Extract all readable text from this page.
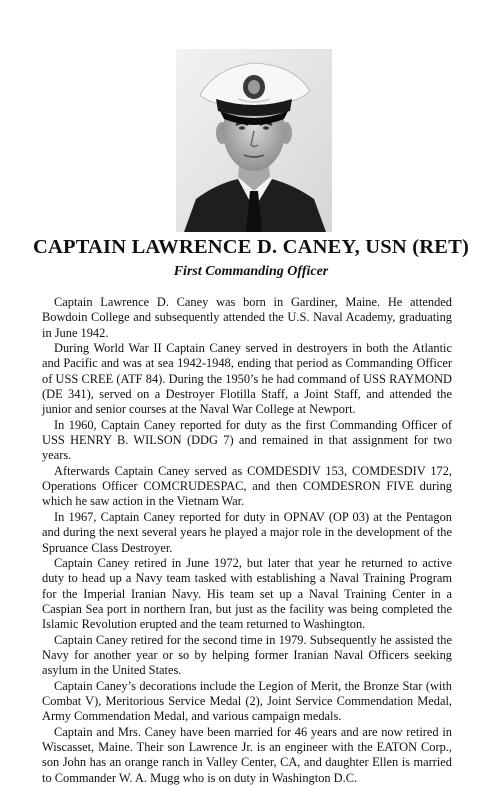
CAPTAIN LAWRENCE D. CANEY, USN (RET)
First Commanding Officer

Captain Lawrence D. Caney was born in Gardiner, Maine. He attended Bowdoin College and subsequently attended the U.S. Naval Academy, graduating in June 1942.

During World War II Captain Caney served in destroyers in both the Atlantic and Pacific and was at sea 1942-1948, ending that period as Commanding Officer of USS CREE (ATF 84). During the 1950’s he had command of USS RAYMOND (DE 341), served on a Destroyer Flotilla Staff, a Joint Staff, and attended the junior and senior courses at the Naval War College at Newport.

In 1960, Captain Caney reported for duty as the first Commanding Officer of USS HENRY B. WILSON (DDG 7) and remained in that assignment for two years.

Afterwards Captain Caney served as COMDESDIV 153, COMDESDIV 172, Operations Officer COMCRUDESPAC, and then COMDESRON FIVE during which he saw action in the Vietnam War.

In 1967, Captain Caney reported for duty in OPNAV (OP 03) at the Pentagon and during the next several years he played a major role in the development of the Spruance Class Destroyer.

Captain Caney retired in June 1972, but later that year he returned to active duty to head up a Navy team tasked with establishing a Naval Training Program for the Imperial Iranian Navy. His team set up a Naval Training Center in a Caspian Sea port in northern Iran, but just as the facility was being completed the Islamic Revolution erupted and the team returned to Washington.

Captain Caney retired for the second time in 1979. Subsequently he assisted the Navy for another year or so by helping former Iranian Naval Officers seeking asylum in the United States.

Captain Caney’s decorations include the Legion of Merit, the Bronze Star (with Combat V), Meritorious Service Medal (2), Joint Service Commendation Medal, Army Commendation Medal, and various campaign medals.

Captain and Mrs. Caney have been married for 46 years and are now retired in Wiscasset, Maine. Their son Lawrence Jr. is an engineer with the EATON Corp., son John has an orange ranch in Valley Center, CA, and daughter Ellen is married to Commander W. A. Mugg who is on duty in Washington D.C.
